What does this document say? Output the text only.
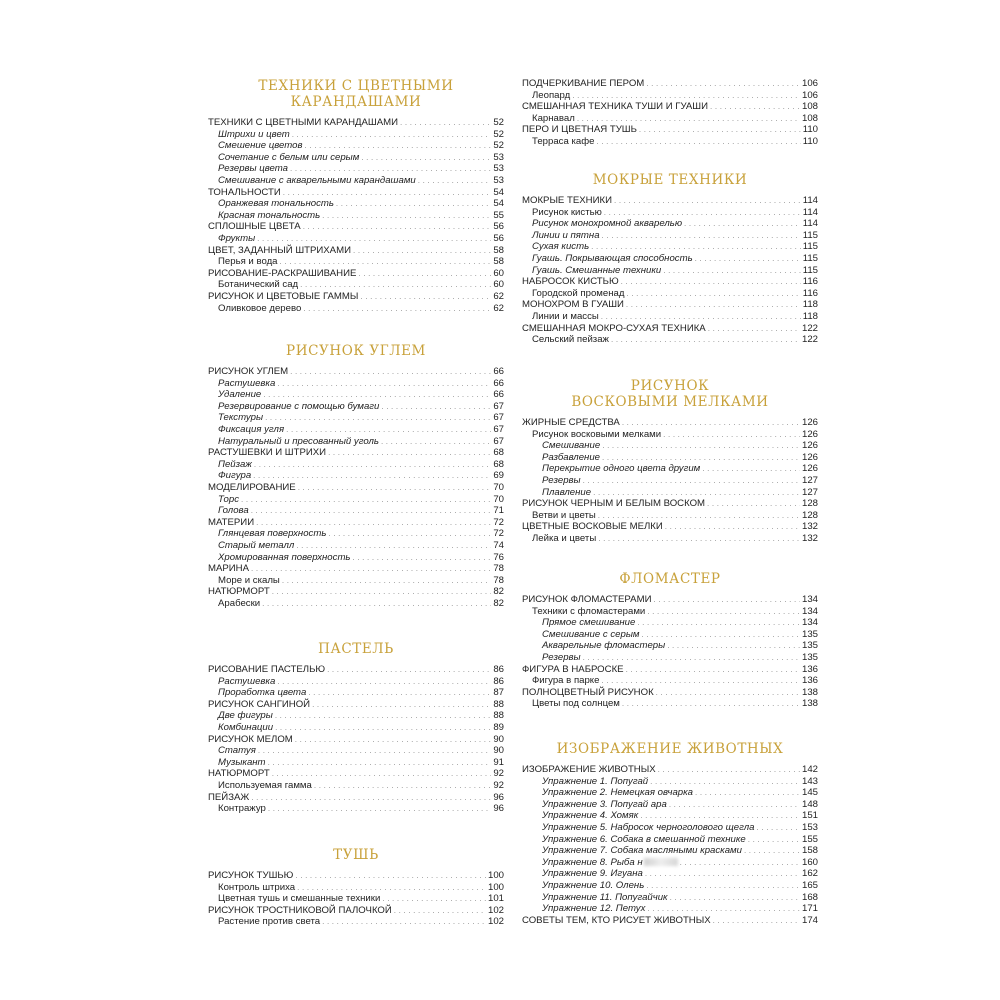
ТЕХНИКИ С ЦВЕТНЫМИ
КАРАНДАШАМИ
ТЕХНИКИ С ЦВЕТНЫМИ КАРАНДАШАМИ . . .	52
Штрихи и цвет . . .	52
Смешение цветов . . .	52
Сочетание с белым или серым . . .	53
Резервы цвета . . .	53
Смешивание с акварельными карандашами . . .	53
ТОНАЛЬНОСТИ . . .	54
Оранжевая тональность . . .	54
Красная тональность . . .	55
СПЛОШНЫЕ ЦВЕТА . . .	56
Фрукты . . .	56
ЦВЕТ, ЗАДАННЫЙ ШТРИХАМИ . . .	58
Перья и вода . . .	58
РИСОВАНИЕ-РАСКРАШИВАНИЕ . . .	60
Ботанический сад . . .	60
РИСУНОК И ЦВЕТОВЫЕ ГАММЫ . . .	62
Оливковое дерево . . .	62
РИСУНОК УГЛЕМ
РИСУНОК УГЛЕМ . . .	66
Растушевка . . .	66
Удаление . . .	66
Резервирование с помощью бумаги . . .	67
Текстуры . . .	67
Фиксация угля . . .	67
Натуральный и пресованный уголь . . .	67
РАСТУШЕВКИ И ШТРИХИ . . .	68
Пейзаж . . .	68
Фигура . . .	69
МОДЕЛИРОВАНИЕ . . .	70
Торс . . .	70
Голова . . .	71
МАТЕРИИ . . .	72
Глянцевая поверхность . . .	72
Старый металл . . .	74
Хромированная поверхность . . .	76
МАРИНА . . .	78
Море и скалы . . .	78
НАТЮРМОРТ . . .	82
Арабески . . .	82
ПАСТЕЛЬ
РИСОВАНИЕ ПАСТЕЛЬЮ . . .	86
Растушевка . . .	86
Проработка цвета . . .	87
РИСУНОК САНГИНОЙ . . .	88
Две фигуры . . .	88
Комбинации . . .	89
РИСУНОК МЕЛОМ . . .	90
Статуя . . .	90
Музыкант . . .	91
НАТЮРМОРТ . . .	92
Используемая гамма . . .	92
ПЕЙЗАЖ . . .	96
Контражур . . .	96
ТУШЬ
РИСУНОК ТУШЬЮ . . .	100
Контроль штриха . . .	100
Цветная тушь и смешанные техники . . .	101
РИСУНОК ТРОСТНИКОВОЙ ПАЛОЧКОЙ . . .	102
Растение против света . . .	102
ПОДЧЕРКИВАНИЕ ПЕРОМ . . .	106
Леопард . . .	106
СМЕШАННАЯ ТЕХНИКА ТУШИ И ГУАШИ . . .	108
Карнавал . . .	108
ПЕРО И ЦВЕТНАЯ ТУШЬ . . .	110
Терраса кафе . . .	110
МОКРЫЕ ТЕХНИКИ
МОКРЫЕ ТЕХНИКИ . . .	114
Рисунок кистью . . .	114
Рисунок монохромной акварелью . . .	114
Линии и пятна . . .	115
Сухая кисть . . .	115
Гуашь. Покрывающая способность . . .	115
Гуашь. Смешанные техники . . .	115
НАБРОСОК КИСТЬЮ . . .	116
Городской променад . . .	116
МОНОХРОМ В ГУАШИ . . .	118
Линии и массы . . .	118
СМЕШАННАЯ МОКРО-СУХАЯ ТЕХНИКА . . .	122
Сельский пейзаж . . .	122
РИСУНОК
ВОСКОВЫМИ МЕЛКАМИ
ЖИРНЫЕ СРЕДСТВА . . .	126
Рисунок восковыми мелками . . .	126
Смешивание . . .	126
Разбавление . . .	126
Перекрытие одного цвета другим . . .	126
Резервы . . .	127
Плавление . . .	127
РИСУНОК ЧЕРНЫМ И БЕЛЫМ ВОСКОМ . . .	128
Ветви и цветы . . .	128
ЦВЕТНЫЕ ВОСКОВЫЕ МЕЛКИ . . .	132
Лейка и цветы . . .	132
ФЛОМАСТЕР
РИСУНОК ФЛОМАСТЕРАМИ . . .	134
Техники с фломастерами . . .	134
Прямое смешивание . . .	134
Смешивание с серым . . .	135
Акварельные фломастеры . . .	135
Резервы . . .	135
ФИГУРА В НАБРОСКЕ . . .	136
Фигура в парке . . .	136
ПОЛНОЦВЕТНЫЙ РИСУНОК . . .	138
Цветы под солнцем . . .	138
ИЗОБРАЖЕНИЕ ЖИВОТНЫХ
ИЗОБРАЖЕНИЕ ЖИВОТНЫХ . . .	142
Упражнение 1. Попугай . . .	143
Упражнение 2. Немецкая овчарка . . .	145
Упражнение 3. Попугай ара . . .	148
Упражнение 4. Хомяк . . .	151
Упражнение 5. Набросок черноголового щегла . . .	153
Упражнение 6. Собака в смешанной технике . . .	155
Упражнение 7. Собака масляными красками . . .	158
Упражнение 8. Рыба н . . .	160
Упражнение 9. Игуана . . .	162
Упражнение 10. Олень . . .	165
Упражнение 11. Попугайчик . . .	168
Упражнение 12. Петух . . .	171
СОВЕТЫ ТЕМ, КТО РИСУЕТ ЖИВОТНЫХ . . .	174
